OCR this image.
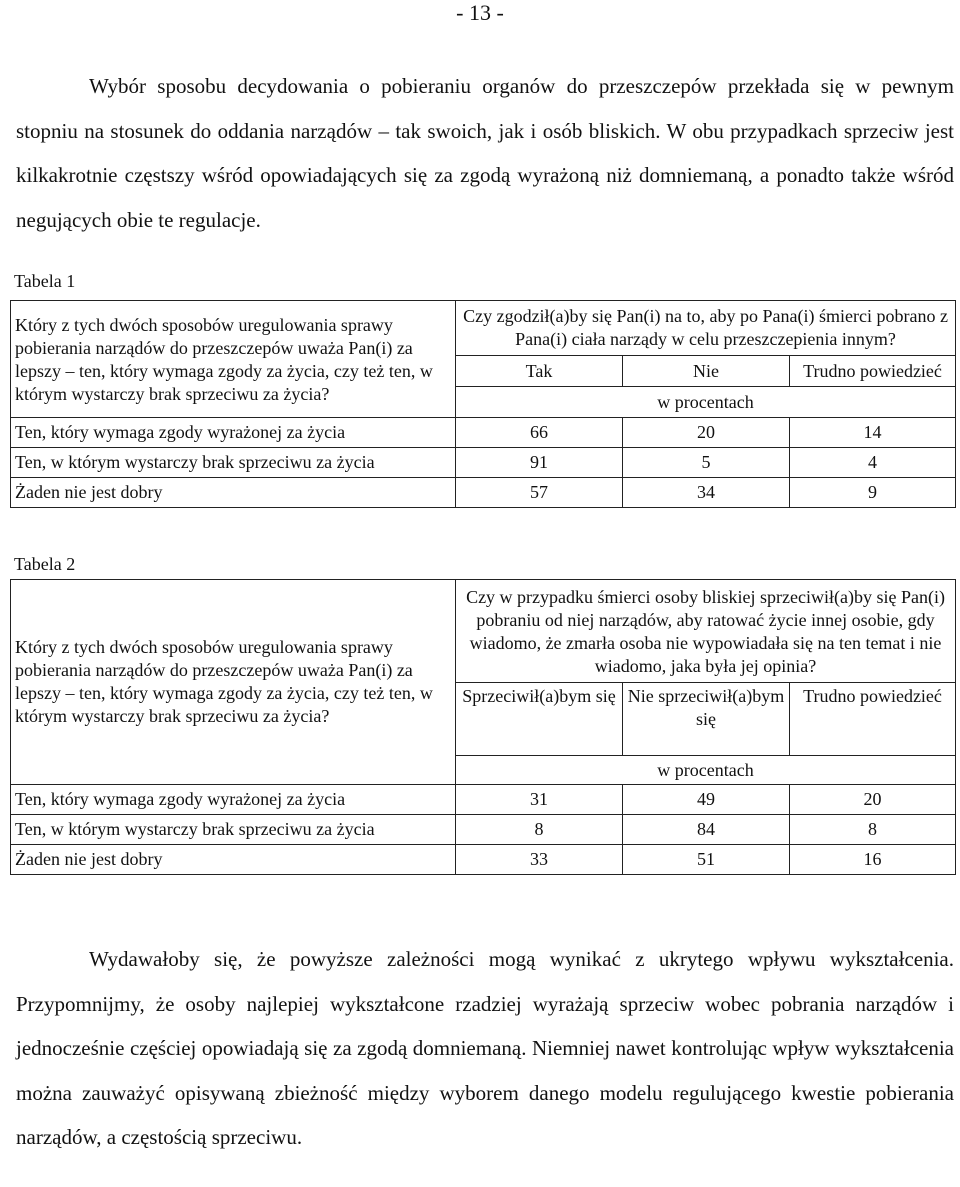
- 13 -

Wybór sposobu decydowania o pobieraniu organów do przeszczepów przekłada się w pewnym stopniu na stosunek do oddania narządów – tak swoich, jak i osób bliskich. W obu przypadkach sprzeciw jest kilkakrotnie częstszy wśród opowiadających się za zgodą wyrażoną niż domniemaną, a ponadto także wśród negujących obie te regulacje.

Tabela 1
Który z tych dwóch sposobów uregulowania sprawy pobierania narządów do przeszczepów uważa Pan(i) za lepszy – ten, który wymaga zgody za życia, czy też ten, w którym wystarczy brak sprzeciwu za życia?	Czy zgodził(a)by się Pan(i) na to, aby po Pana(i) śmierci pobrano z Pana(i) ciała narządy w celu przeszczepienia innym?		
	Tak	Nie	Trudno powiedzieć
	w procentach		
Ten, który wymaga zgody wyrażonej za życia	66	20	14
Ten, w którym wystarczy brak sprzeciwu za życia	91	5	4
Żaden nie jest dobry	57	34	9
Tabela 2
Który z tych dwóch sposobów uregulowania sprawy pobierania narządów do przeszczepów uważa Pan(i) za lepszy – ten, który wymaga zgody za życia, czy też ten, w którym wystarczy brak sprzeciwu za życia?	Czy w przypadku śmierci osoby bliskiej sprzeciwił(a)by się Pan(i) pobraniu od niej narządów, aby ratować życie innej osobie, gdy wiadomo, że zmarła osoba nie wypowiadała się na ten temat i nie wiadomo, jaka była jej opinia?		
	Sprzeciwił(a)bym się	Nie sprzeciwił(a)bym się	Trudno powiedzieć
	w procentach		
Ten, który wymaga zgody wyrażonej za życia	31	49	20
Ten, w którym wystarczy brak sprzeciwu za życia	8	84	8
Żaden nie jest dobry	33	51	16

Wydawałoby się, że powyższe zależności mogą wynikać z ukrytego wpływu wykształcenia. Przypomnijmy, że osoby najlepiej wykształcone rzadziej wyrażają sprzeciw wobec pobrania narządów i jednocześnie częściej opowiadają się za zgodą domniemaną. Niemniej nawet kontrolując wpływ wykształcenia można zauważyć opisywaną zbieżność między wyborem danego modelu regulującego kwestie pobierania narządów, a częstością sprzeciwu.
